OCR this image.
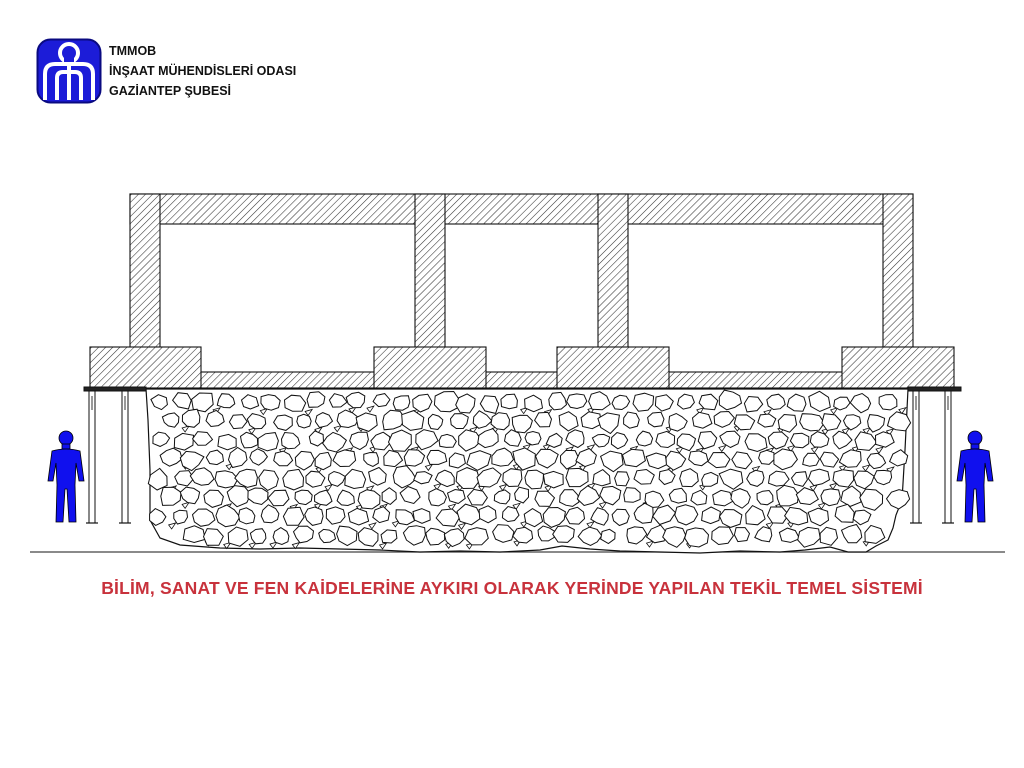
TMMOB
İNŞAAT MÜHENDİSLERİ ODASI
GAZİANTEP ŞUBESİ
BİLİM, SANAT VE FEN KAİDELERİNE AYKIRI OLARAK YERİNDE YAPILAN TEKİL TEMEL SİSTEMİ
